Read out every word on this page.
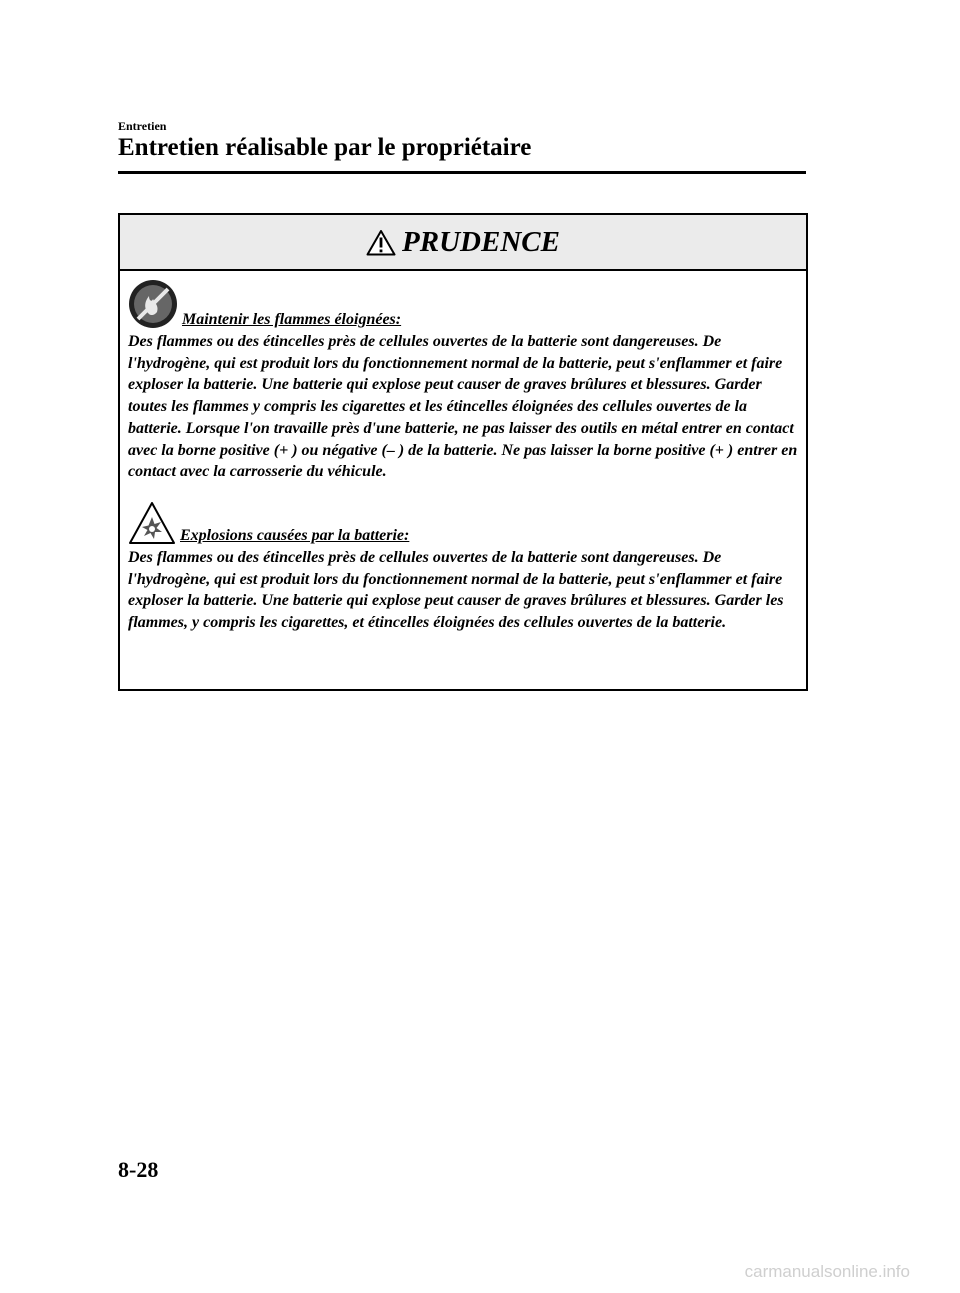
Entretien
Entretien réalisable par le propriétaire
PRUDENCE
Maintenir les flammes éloignées:
Des flammes ou des étincelles près de cellules ouvertes de la batterie sont dangereuses. De l'hydrogène, qui est produit lors du fonctionnement normal de la batterie, peut s'enflammer et faire exploser la batterie. Une batterie qui explose peut causer de graves brûlures et blessures. Garder toutes les flammes y compris les cigarettes et les étincelles éloignées des cellules ouvertes de la batterie. Lorsque l'on travaille près d'une batterie, ne pas laisser des outils en métal entrer en contact avec la borne positive (+ ) ou négative (– ) de la batterie. Ne pas laisser la borne positive (+ ) entrer en contact avec la carrosserie du véhicule.
Explosions causées par la batterie:
Des flammes ou des étincelles près de cellules ouvertes de la batterie sont dangereuses. De l'hydrogène, qui est produit lors du fonctionnement normal de la batterie, peut s'enflammer et faire exploser la batterie. Une batterie qui explose peut causer de graves brûlures et blessures. Garder les flammes, y compris les cigarettes, et étincelles éloignées des cellules ouvertes de la batterie.
8-28
carmanualsonline.info
